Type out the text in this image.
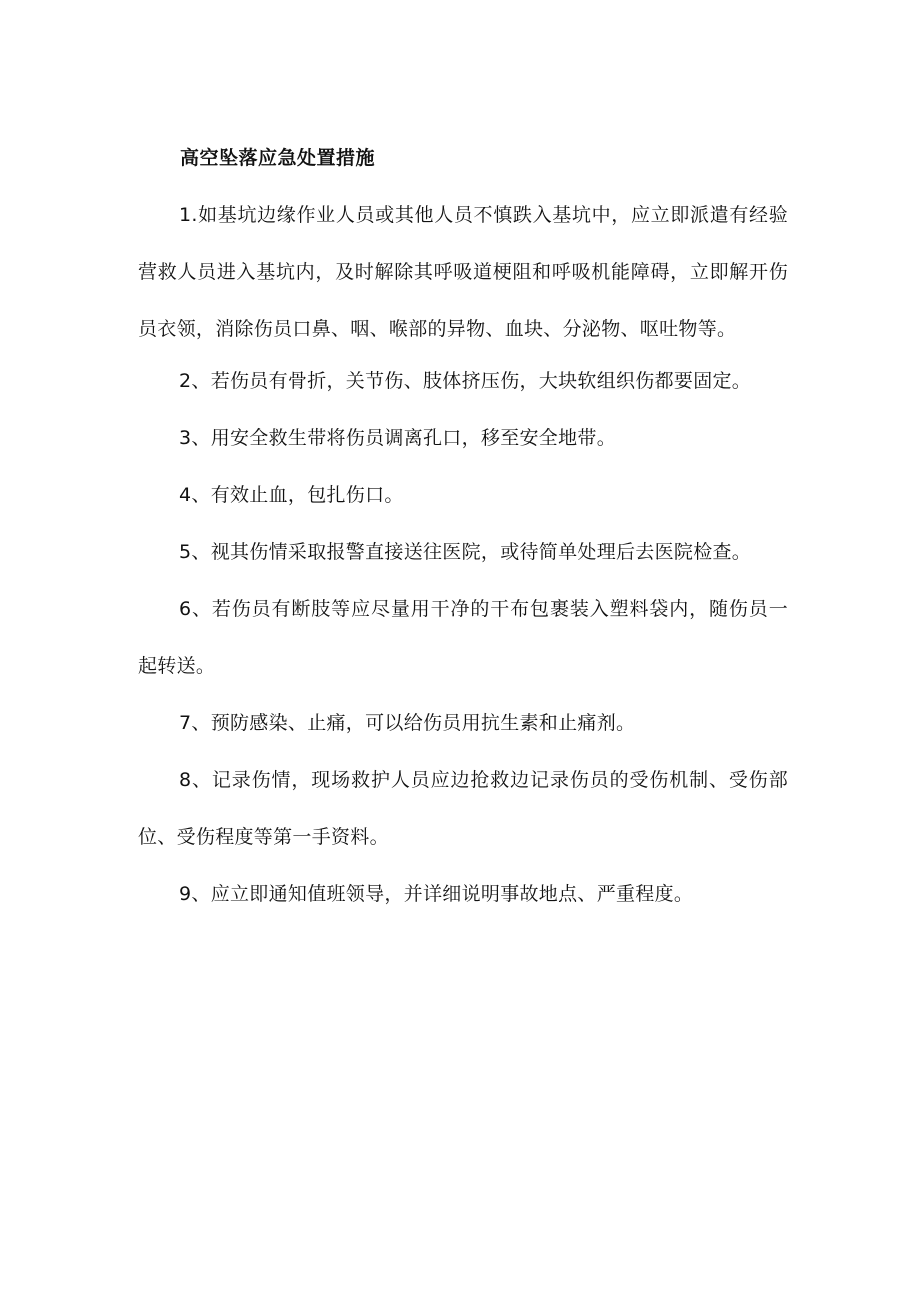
高空坠落应急处置措施

1.如基坑边缘作业人员或其他人员不慎跌入基坑中，应立即派遣有经验营救人员进入基坑内，及时解除其呼吸道梗阻和呼吸机能障碍，立即解开伤员衣领，消除伤员口鼻、咽、喉部的异物、血块、分泌物、呕吐物等。

2、若伤员有骨折，关节伤、肢体挤压伤，大块软组织伤都要固定。

3、用安全救生带将伤员调离孔口，移至安全地带。

4、有效止血，包扎伤口。

5、视其伤情采取报警直接送往医院，或待简单处理后去医院检查。

6、若伤员有断肢等应尽量用干净的干布包裹装入塑料袋内，随伤员一起转送。

7、预防感染、止痛，可以给伤员用抗生素和止痛剂。

8、记录伤情，现场救护人员应边抢救边记录伤员的受伤机制、受伤部位、受伤程度等第一手资料。

9、应立即通知值班领导，并详细说明事故地点、严重程度。
